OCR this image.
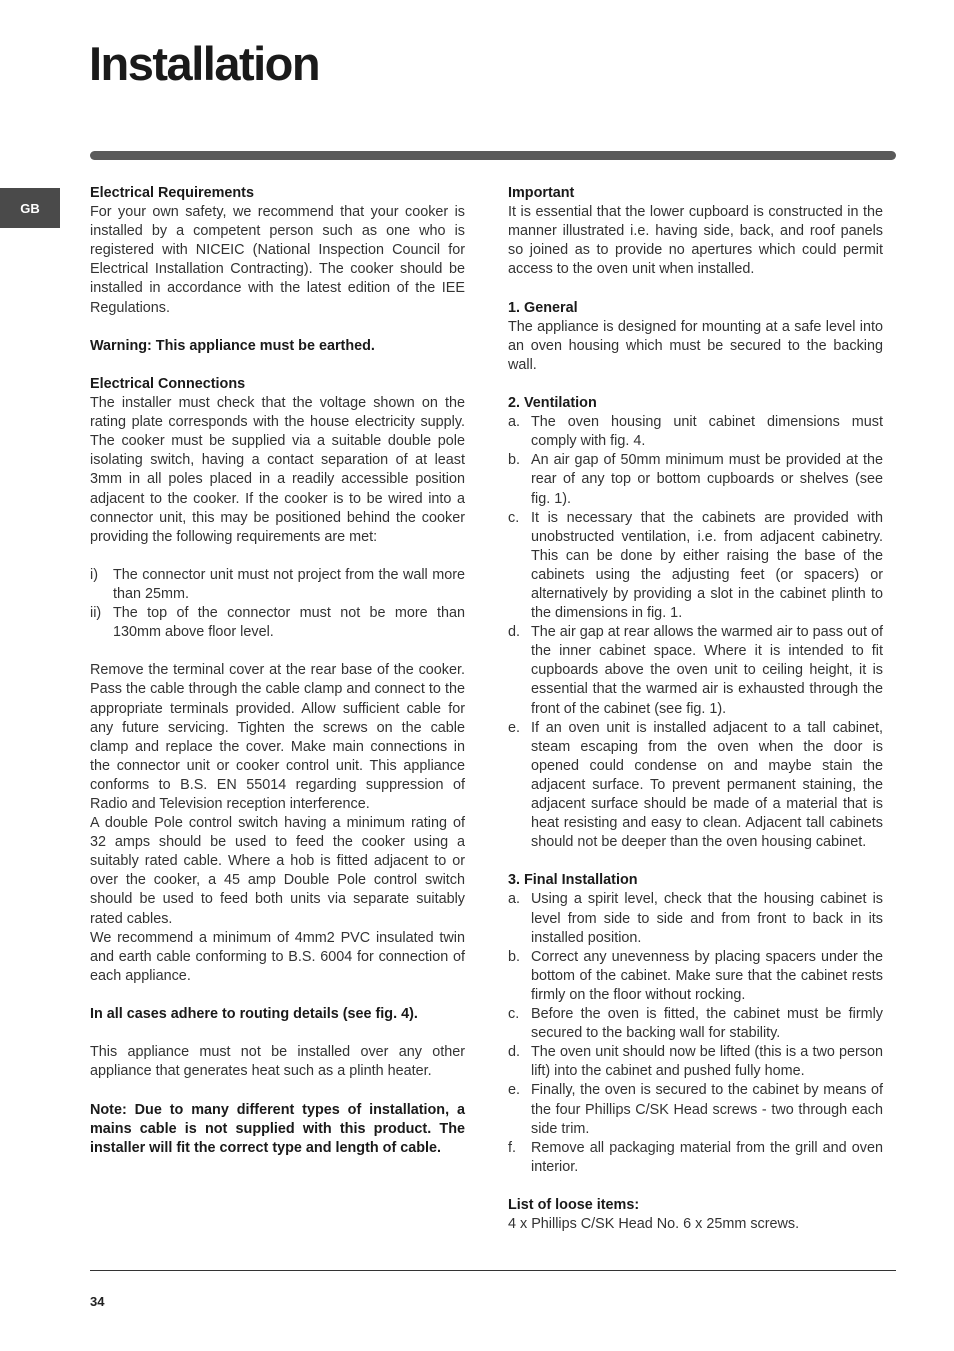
Installation
GB
Electrical Requirements

For your own safety, we recommend that your cooker is installed by a competent person such as one who is registered with NICEIC (National Inspection Council for Electrical Installation Contracting). The cooker should be installed in accordance with the latest edition of the IEE Regulations.

Warning: This appliance must be earthed.
Electrical Connections

The installer must check that the voltage shown on the rating plate corresponds with the house electricity supply. The cooker must be supplied via a suitable double pole isolating switch, having a contact separation of at least 3mm in all poles placed in a readily accessible position adjacent to the cooker. If the cooker is to be wired into a connector unit, this may be positioned behind the cooker providing the following requirements are met:

i) The connector unit must not project from the wall more than 25mm.
ii) The top of the connector must not be more than 130mm above floor level.

Remove the terminal cover at the rear base of the cooker. Pass the cable through the cable clamp and connect to the appropriate terminals provided. Allow sufficient cable for any future servicing. Tighten the screws on the cable clamp and replace the cover. Make main connections in the connector unit or cooker control unit. This appliance conforms to B.S. EN 55014 regarding suppression of Radio and Television reception interference.

A double Pole control switch having a minimum rating of 32 amps should be used to feed the cooker using a suitably rated cable. Where a hob is fitted adjacent to or over the cooker, a 45 amp Double Pole control switch should be used to feed both units via separate suitably rated cables.

We recommend a minimum of 4mm2 PVC insulated twin and earth cable conforming to B.S. 6004 for connection of each appliance.

In all cases adhere to routing details (see fig. 4).

This appliance must not be installed over any other appliance that generates heat such as a plinth heater.

Note: Due to many different types of installation, a mains cable is not supplied with this product. The installer will fit the correct type and length of cable.

Important

It is essential that the lower cupboard is constructed in the manner illustrated i.e. having side, back, and roof panels so joined as to provide no apertures which could permit access to the oven unit when installed.

1. General

The appliance is designed for mounting at a safe level into an oven housing which must be secured to the backing wall.

2. Ventilation
a. The oven housing unit cabinet dimensions must comply with fig. 4.
b. An air gap of 50mm minimum must be provided at the rear of any top or bottom cupboards or shelves (see fig. 1).
c. It is necessary that the cabinets are provided with unobstructed ventilation, i.e. from adjacent cabinetry. This can be done by either raising the base of the cabinets using the adjusting feet (or spacers) or alternatively by providing a slot in the cabinet plinth to the dimensions in fig. 1.
d. The air gap at rear allows the warmed air to pass out of the inner cabinet space. Where it is intended to fit cupboards above the oven unit to ceiling height, it is essential that the warmed air is exhausted through the front of the cabinet (see fig. 1).
e. If an oven unit is installed adjacent to a tall cabinet, steam escaping from the oven when the door is opened could condense on and maybe stain the adjacent surface. To prevent permanent staining, the adjacent surface should be made of a material that is heat resisting and easy to clean. Adjacent tall cabinets should not be deeper than the oven housing cabinet.
3. Final Installation
a. Using a spirit level, check that the housing cabinet is level from side to side and from front to back in its installed position.
b. Correct any unevenness by placing spacers under the bottom of the cabinet. Make sure that the cabinet rests firmly on the floor without rocking.
c. Before the oven is fitted, the cabinet must be firmly secured to the backing wall for stability.
d. The oven unit should now be lifted (this is a two person lift) into the cabinet and pushed fully home.
e. Finally, the oven is secured to the cabinet by means of the four Phillips C/SK Head screws - two through each side trim.
f. Remove all packaging material from the grill and oven interior.
List of loose items:

4 x Phillips C/SK Head No. 6 x 25mm screws.

34
